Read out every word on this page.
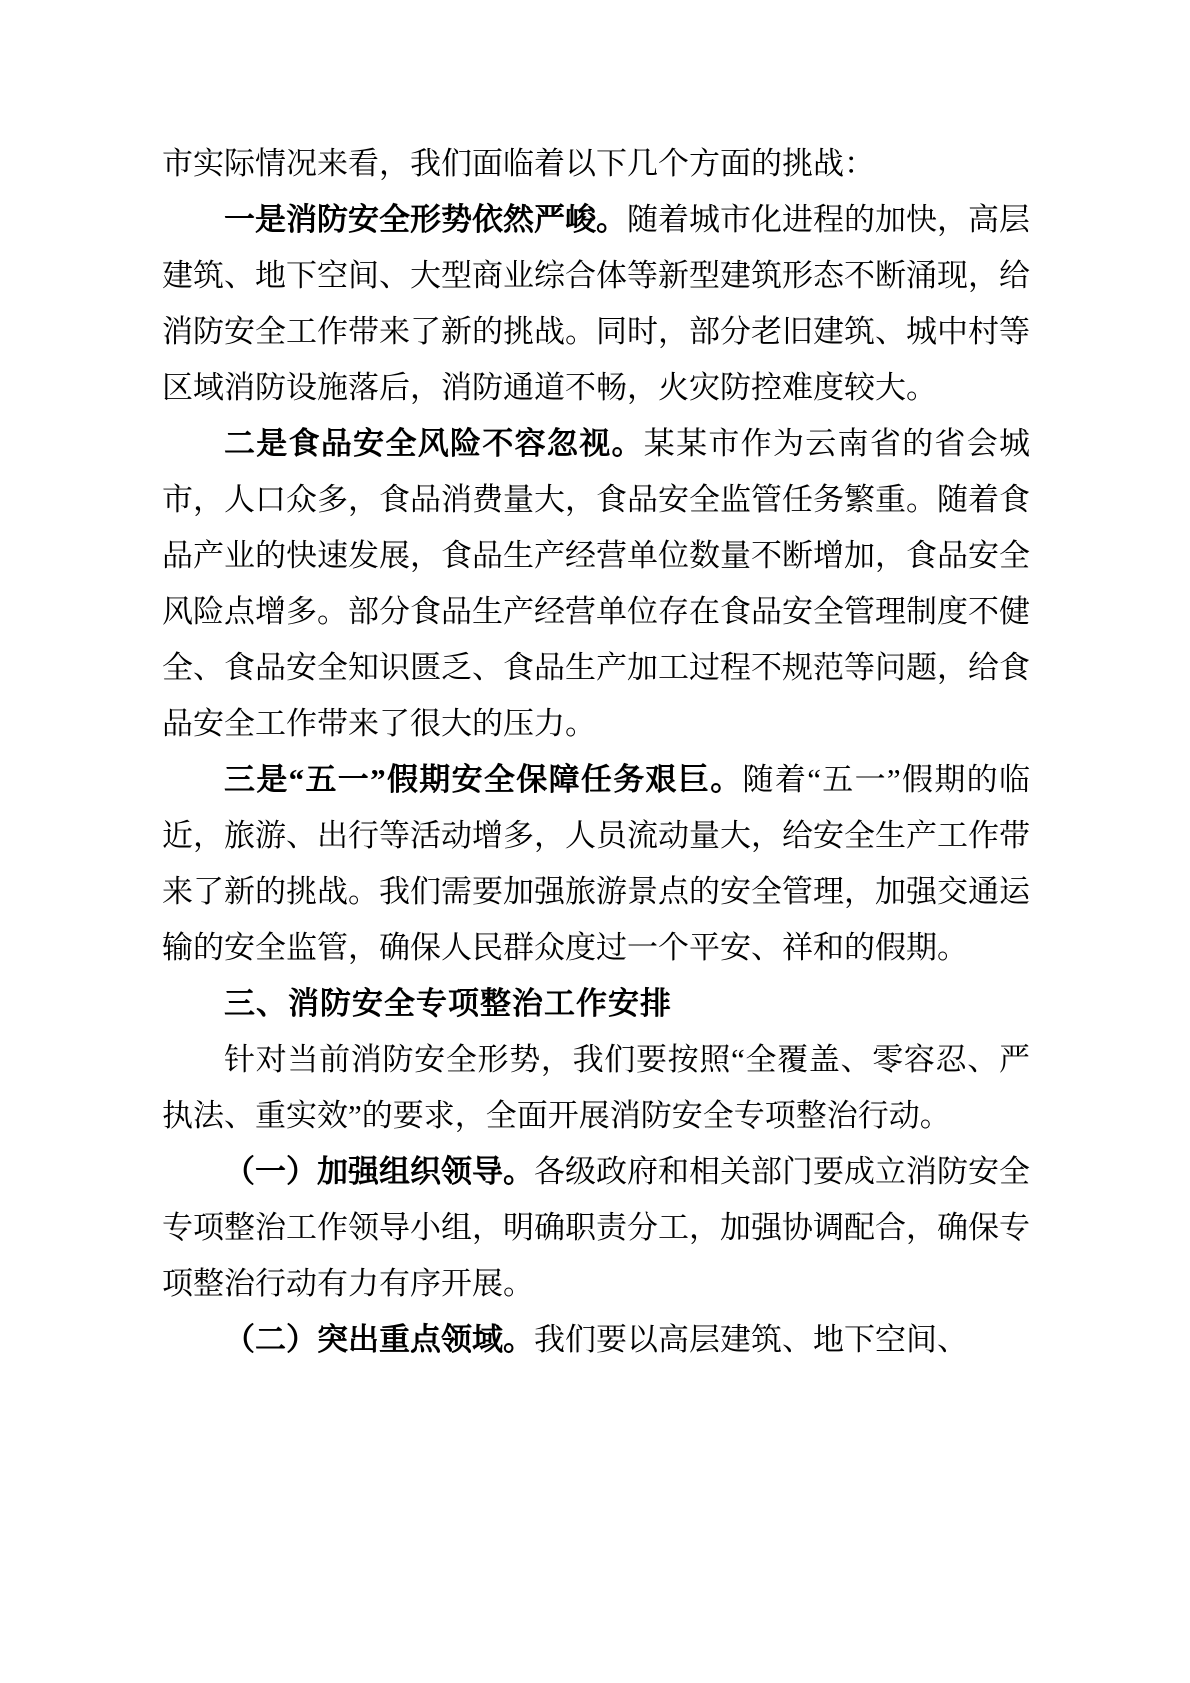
市实际情况来看，我们面临着以下几个方面的挑战：

一是消防安全形势依然严峻。随着城市化进程的加快，高层建筑、地下空间、大型商业综合体等新型建筑形态不断涌现，给消防安全工作带来了新的挑战。同时，部分老旧建筑、城中村等区域消防设施落后，消防通道不畅，火灾防控难度较大。

二是食品安全风险不容忽视。某某市作为云南省的省会城市，人口众多，食品消费量大，食品安全监管任务繁重。随着食品产业的快速发展，食品生产经营单位数量不断增加，食品安全风险点增多。部分食品生产经营单位存在食品安全管理制度不健全、食品安全知识匮乏、食品生产加工过程不规范等问题，给食品安全工作带来了很大的压力。

三是“五一”假期安全保障任务艰巨。随着“五一”假期的临近，旅游、出行等活动增多，人员流动量大，给安全生产工作带来了新的挑战。我们需要加强旅游景点的安全管理，加强交通运输的安全监管，确保人民群众度过一个平安、祥和的假期。

三、消防安全专项整治工作安排

针对当前消防安全形势，我们要按照“全覆盖、零容忍、严执法、重实效”的要求，全面开展消防安全专项整治行动。

（一）加强组织领导。各级政府和相关部门要成立消防安全专项整治工作领导小组，明确职责分工，加强协调配合，确保专项整治行动有力有序开展。

（二）突出重点领域。我们要以高层建筑、地下空间、
